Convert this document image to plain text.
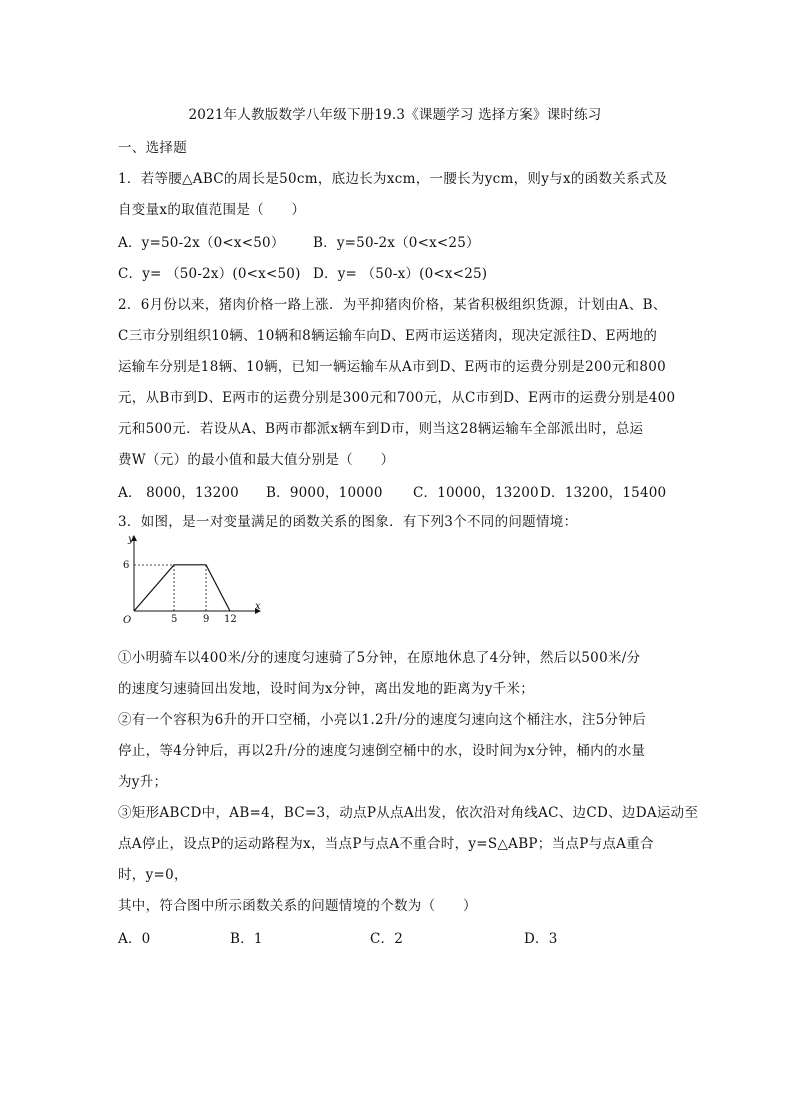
2021年人教版数学八年级下册19.3《课题学习 选择方案》课时练习
一、选择题
1．若等腰△ABC的周长是50cm，底边长为xcm，一腰长为ycm，则y与x的函数关系式及
自变量x的取值范围是（　　）
A．y=50-2x（0<x<50） B．y=50-2x（0<x<25）
C．y= （50-2x）(0<x<50) D．y= （50-x）(0<x<25)
2．6月份以来，猪肉价格一路上涨．为平抑猪肉价格，某省积极组织货源，计划由A、B、
C三市分别组织10辆、10辆和8辆运输车向D、E两市运送猪肉，现决定派往D、E两地的
运输车分别是18辆、10辆，已知一辆运输车从A市到D、E两市的运费分别是200元和800
元，从B市到D、E两市的运费分别是300元和700元，从C市到D、E两市的运费分别是400
元和500元．若设从A、B两市都派x辆车到D市，则当这28辆运输车全部派出时，总运
费W（元）的最小值和最大值分别是（　　）
A． 8000，13200 B．9000，10000 C．10000，13200 D．13200，15400
3．如图，是一对变量满足的函数关系的图象．有下列3个不同的问题情境：
y
x
O
6
5	9 12
①小明骑车以400米/分的速度匀速骑了5分钟，在原地休息了4分钟，然后以500米/分
的速度匀速骑回出发地，设时间为x分钟，离出发地的距离为y千米；
②有一个容积为6升的开口空桶，小亮以1.2升/分的速度匀速向这个桶注水，注5分钟后
停止，等4分钟后，再以2升/分的速度匀速倒空桶中的水，设时间为x分钟，桶内的水量
为y升；
③矩形ABCD中，AB=4，BC=3，动点P从点A出发，依次沿对角线AC、边CD、边DA运动至
点A停止，设点P的运动路程为x，当点P与点A不重合时，y=S△ABP；当点P与点A重合
时，y=0，
其中，符合图中所示函数关系的问题情境的个数为（　　）
A．0	B．1	C．2	D．3
